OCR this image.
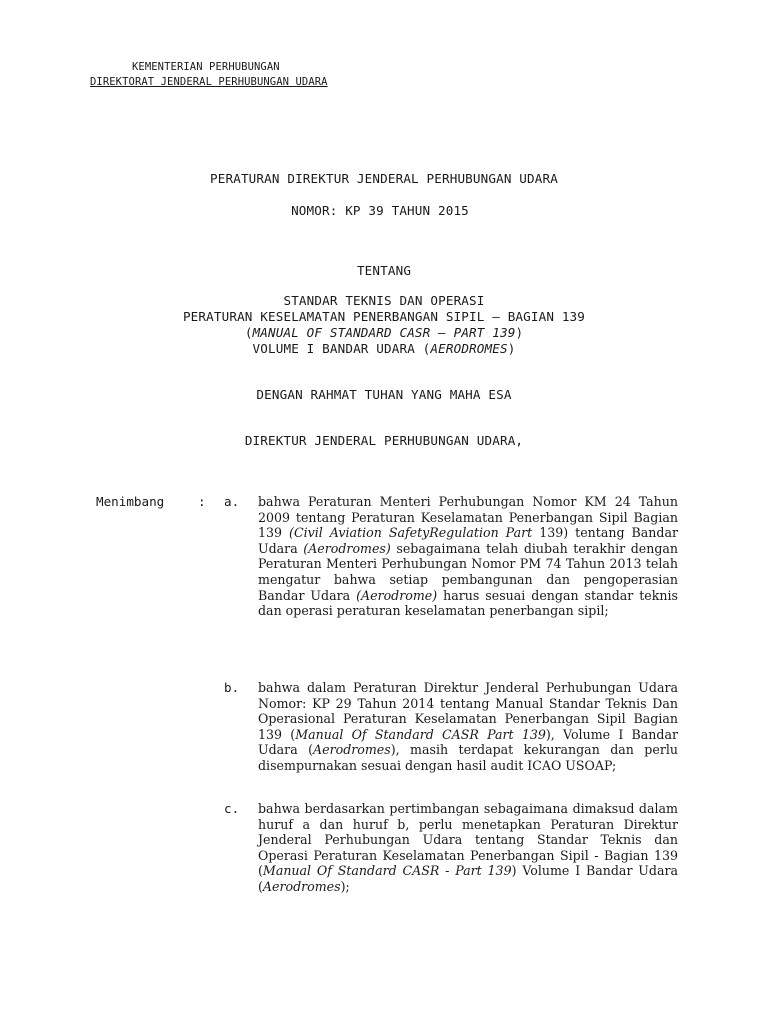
KEMENTERIAN PERHUBUNGAN
DIREKTORAT JENDERAL PERHUBUNGAN UDARA
PERATURAN DIREKTUR JENDERAL PERHUBUNGAN UDARA
NOMOR: KP 39 TAHUN 2015
TENTANG
STANDAR TEKNIS DAN OPERASI
PERATURAN KESELAMATAN PENERBANGAN SIPIL – BAGIAN 139
(MANUAL OF STANDARD CASR – PART 139)
VOLUME I BANDAR UDARA (AERODROMES)
DENGAN RAHMAT TUHAN YANG MAHA ESA
DIREKTUR JENDERAL PERHUBUNGAN UDARA,
Menimbang	: a. bahwa Peraturan Menteri Perhubungan Nomor KM 24 Tahun 2009 tentang Peraturan Keselamatan Penerbangan Sipil Bagian 139 (Civil Aviation SafetyRegulation Part 139) tentang Bandar Udara (Aerodromes) sebagaimana telah diubah terakhir dengan Peraturan Menteri Perhubungan Nomor PM 74 Tahun 2013 telah mengatur bahwa setiap pembangunan dan pengoperasian Bandar Udara (Aerodrome) harus sesuai dengan standar teknis dan operasi peraturan keselamatan penerbangan sipil;
b. bahwa dalam Peraturan Direktur Jenderal Perhubungan Udara Nomor: KP 29 Tahun 2014 tentang Manual Standar Teknis Dan Operasional Peraturan Keselamatan Penerbangan Sipil Bagian 139 (Manual Of Standard CASR Part 139), Volume I Bandar Udara (Aerodromes), masih terdapat kekurangan dan perlu disempurnakan sesuai dengan hasil audit ICAO USOAP;
c. bahwa berdasarkan pertimbangan sebagaimana dimaksud dalam huruf a dan huruf b, perlu menetapkan Peraturan Direktur Jenderal Perhubungan Udara tentang Standar Teknis dan Operasi Peraturan Keselamatan Penerbangan Sipil - Bagian 139 (Manual Of Standard CASR - Part 139) Volume I Bandar Udara (Aerodromes);
